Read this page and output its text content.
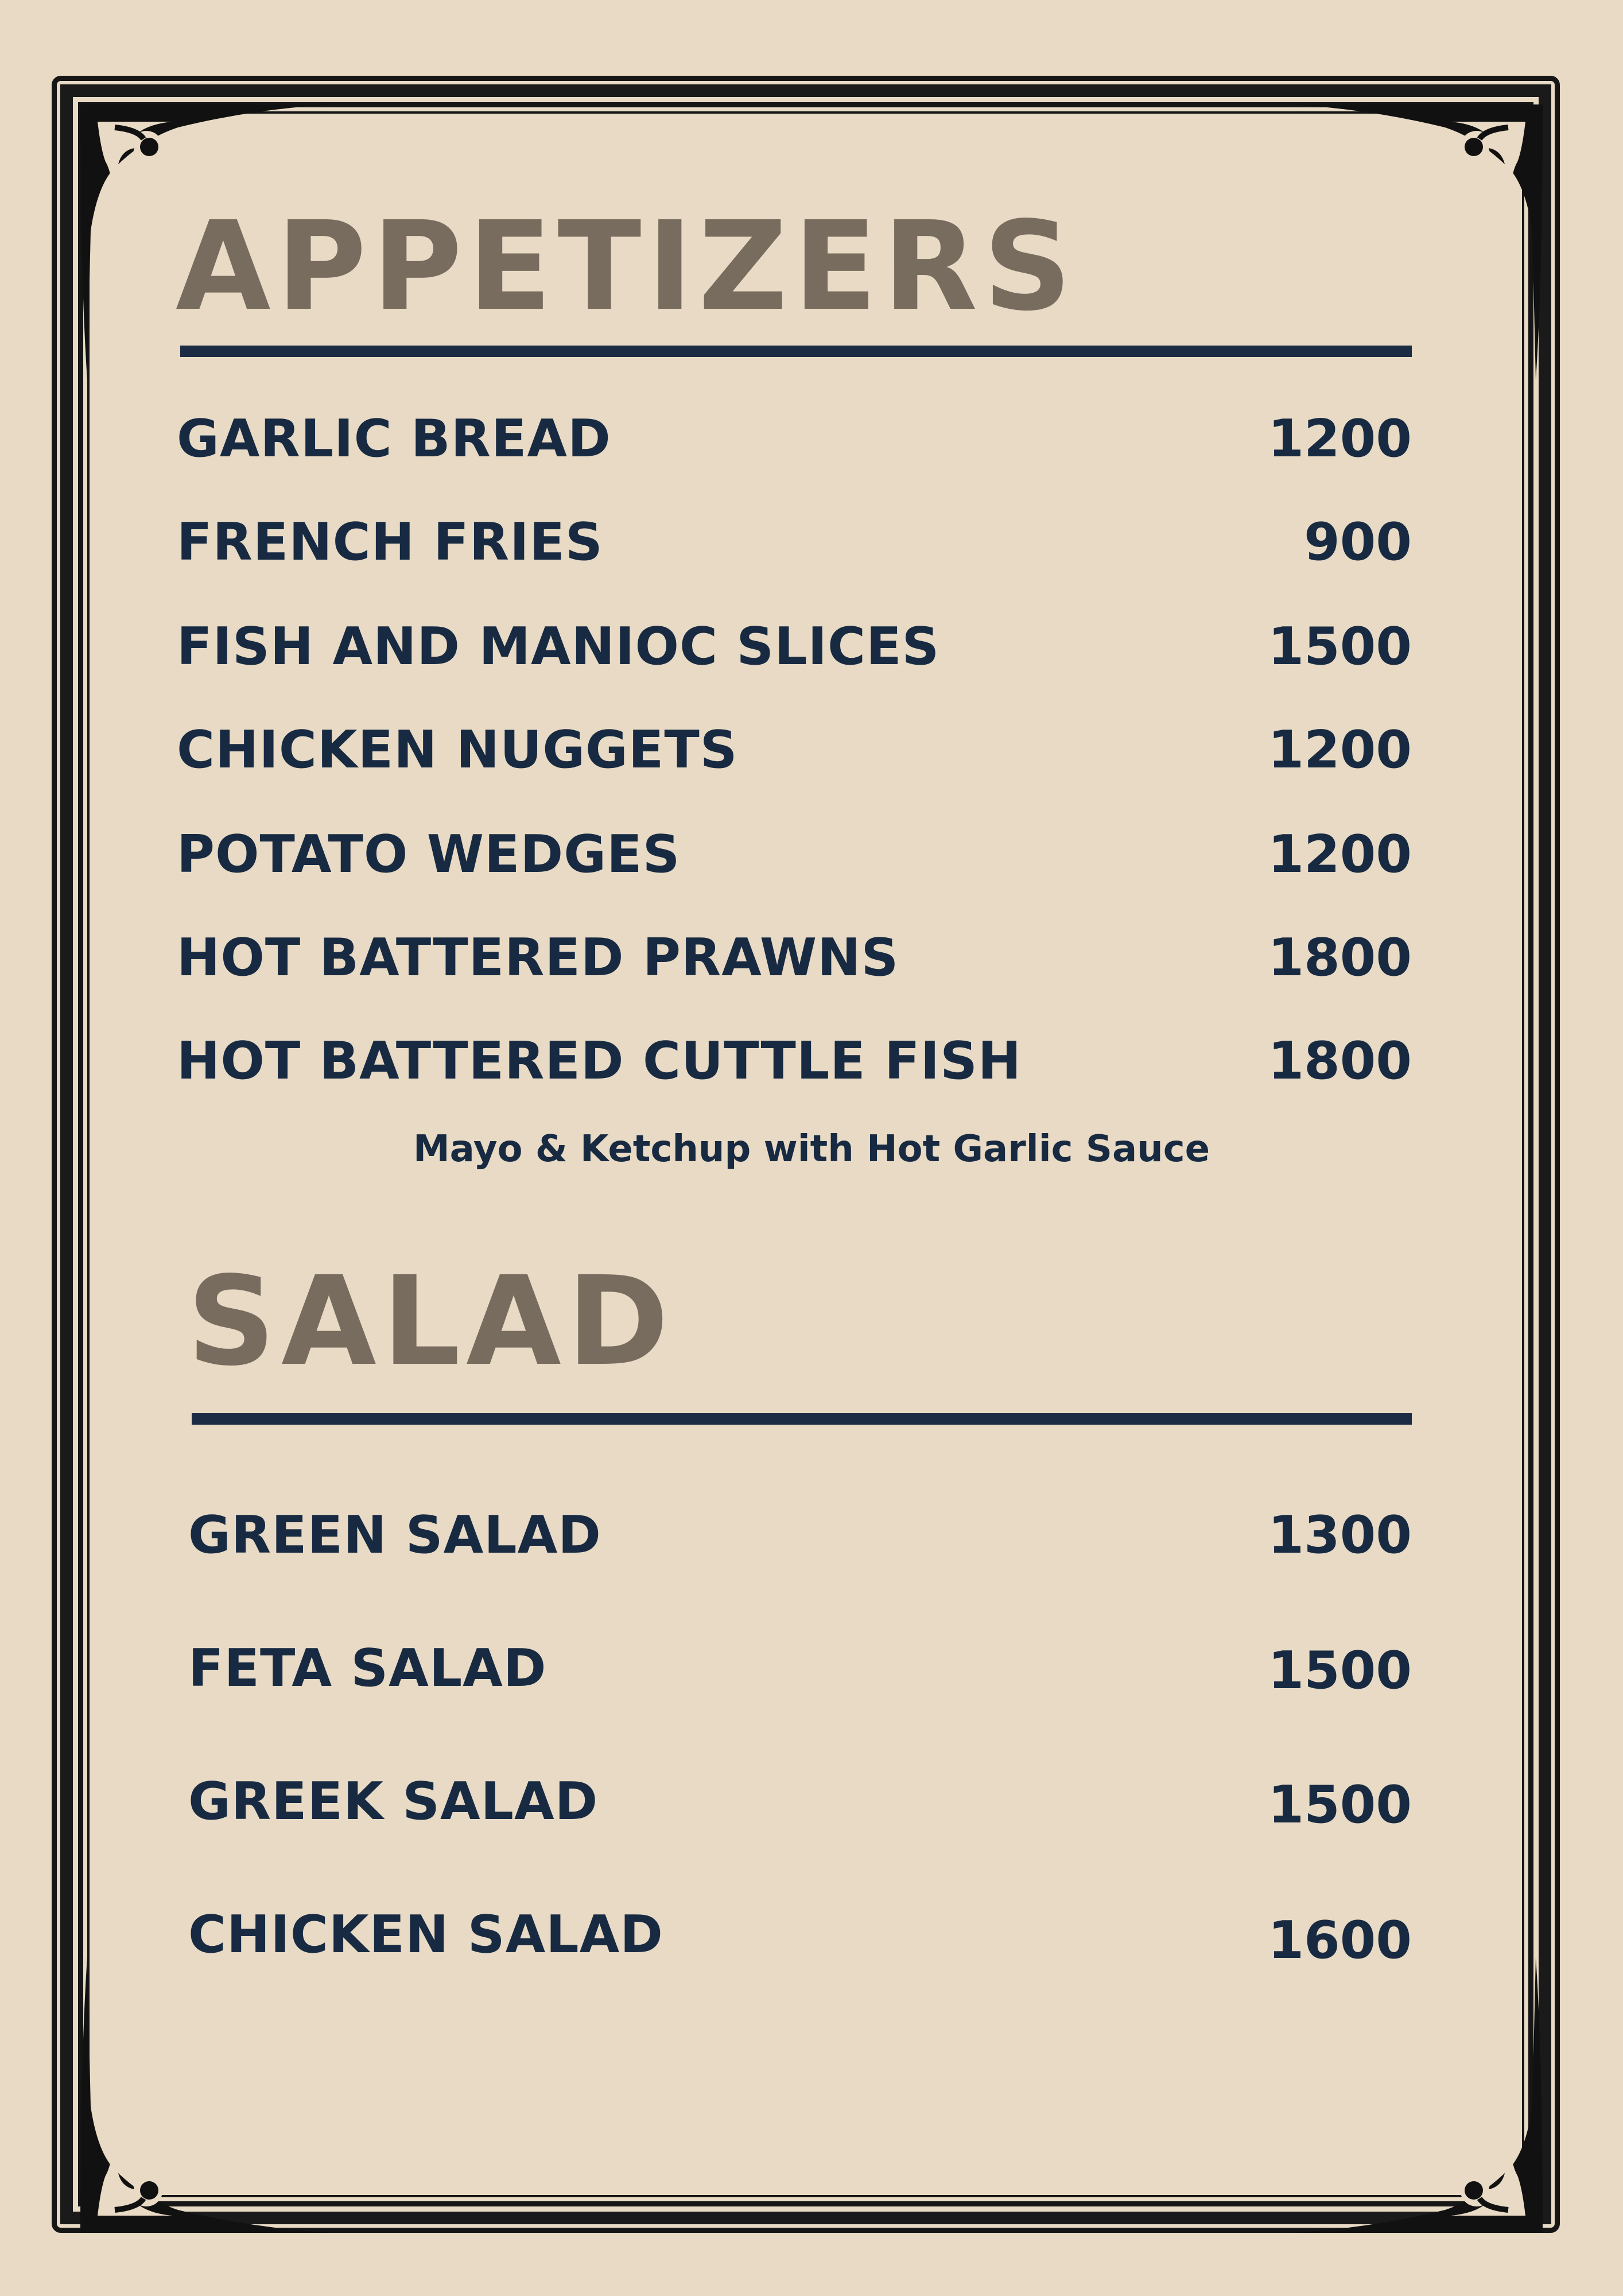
APPETIZERS
GARLIC BREAD	1200
FRENCH FRIES	900
FISH AND MANIOC SLICES	1500
CHICKEN NUGGETS	1200
POTATO WEDGES	1200
HOT BATTERED PRAWNS	1800
HOT BATTERED CUTTLE FISH	1800
Mayo & Ketchup with Hot Garlic Sauce
SALAD
GREEN SALAD	1300
FETA SALAD	1500
GREEK SALAD	1500
CHICKEN SALAD	1600
